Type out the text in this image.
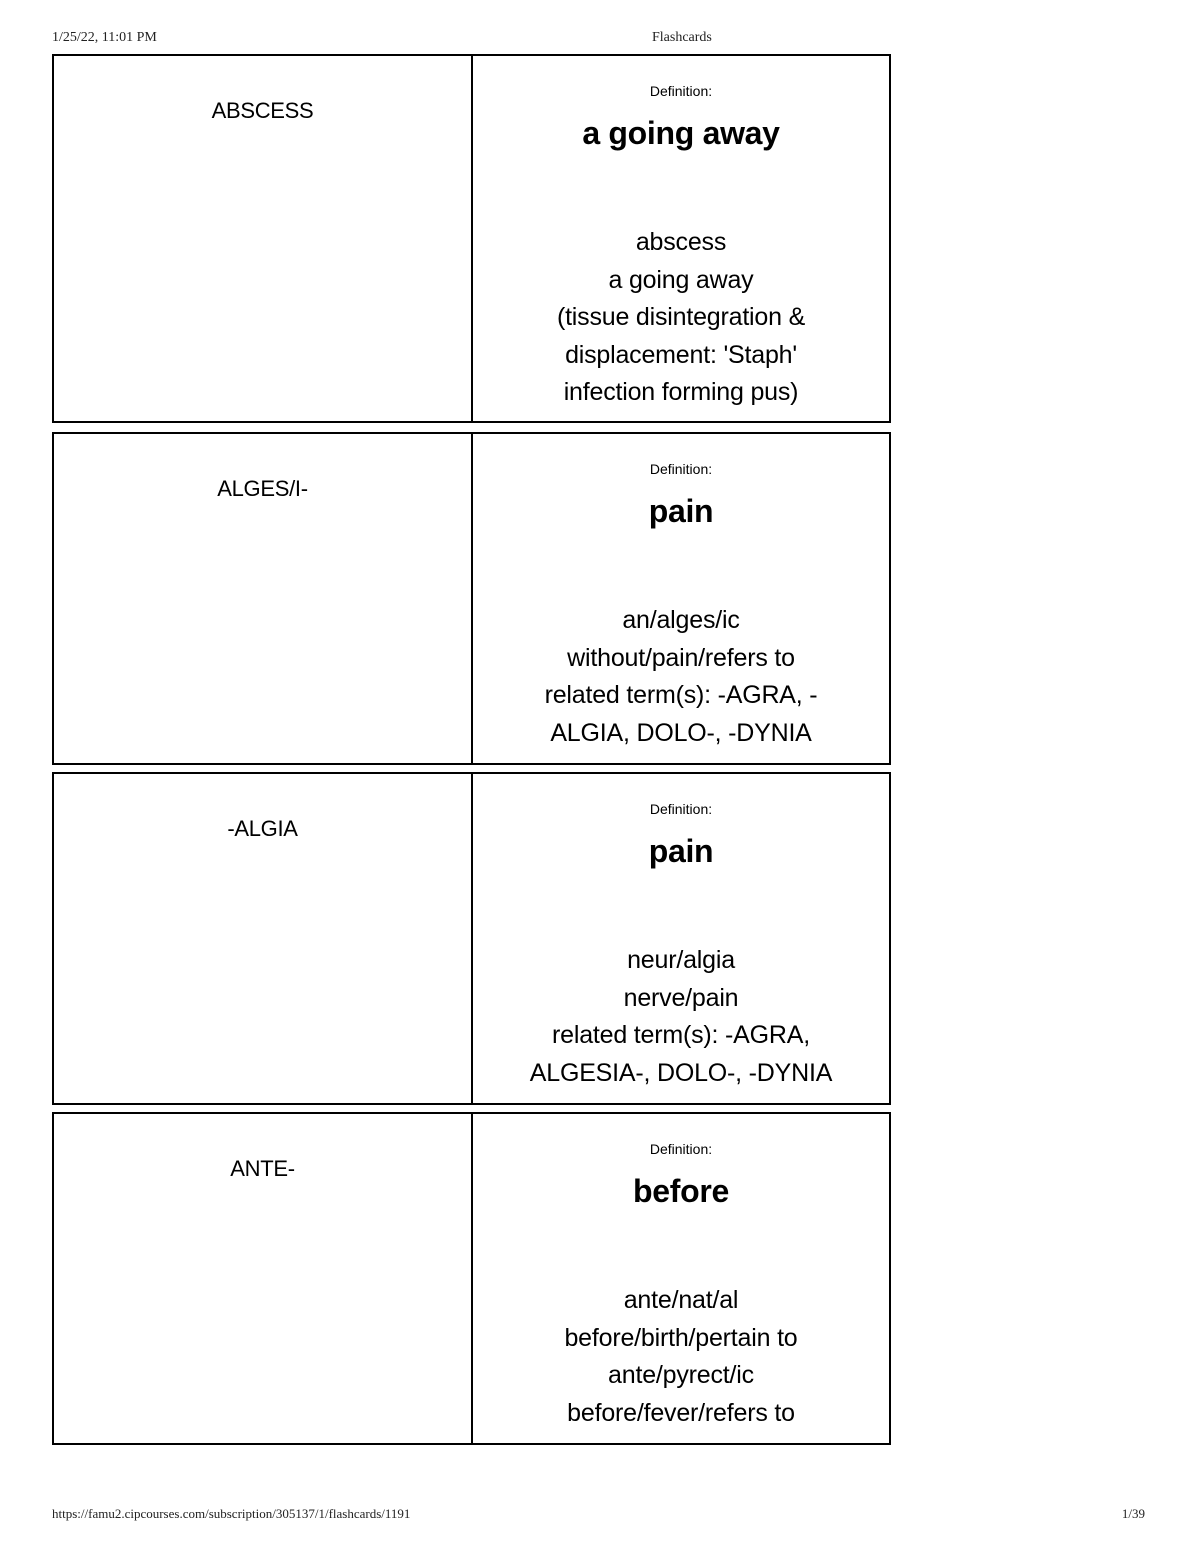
1/25/22, 11:01 PM	Flashcards
ABSCESS
Definition:
a going away
abscess
a going away
(tissue disintegration &
displacement: 'Staph'
infection forming pus)
ALGES/I-
Definition:
pain
an/alges/ic
without/pain/refers to
related term(s): -AGRA, -
ALGIA, DOLO-, -DYNIA
-ALGIA
Definition:
pain
neur/algia
nerve/pain
related term(s): -AGRA,
ALGESIA-, DOLO-, -DYNIA
ANTE-
Definition:
before
ante/nat/al
before/birth/pertain to
ante/pyrect/ic
before/fever/refers to
https://famu2.cipcourses.com/subscription/305137/1/flashcards/1191	1/39
